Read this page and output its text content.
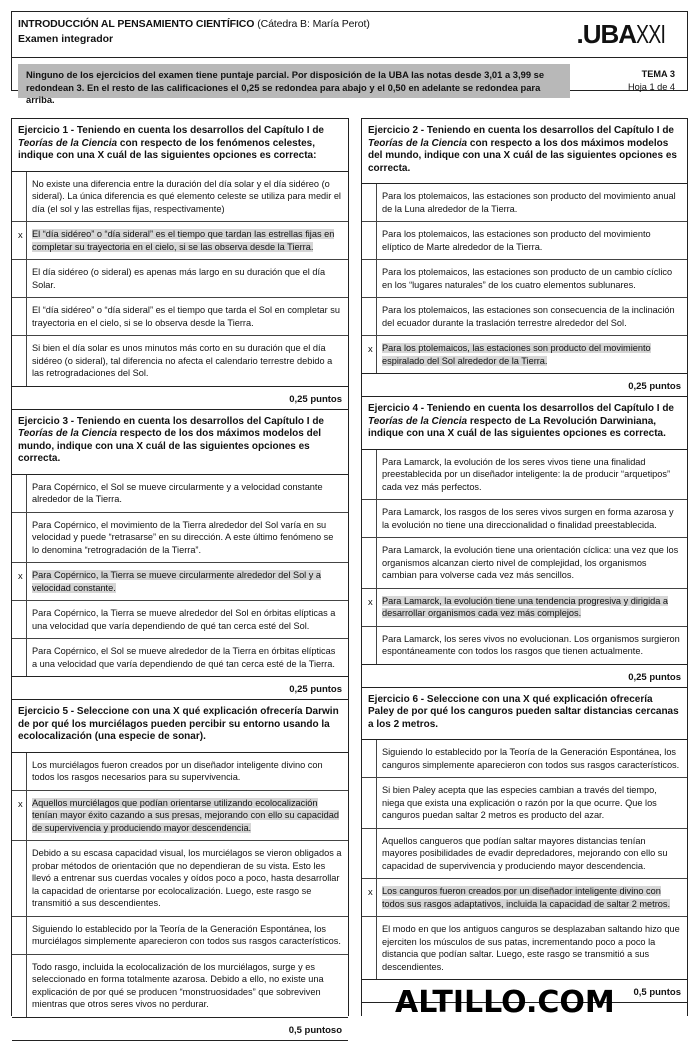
INTRODUCCIÓN AL PENSAMIENTO CIENTÍFICO (Cátedra B: María Perot)
Examen integrador	.UBAXXI
Ninguno de los ejercicios del examen tiene puntaje parcial. Por disposición de la UBA las notas desde 3,01 a 3,99 se
redondean 3. En el resto de las calificaciones el 0,25 se redondea para abajo y el 0,50 en adelante se redondea para arriba.
TEMA 3
Hoja 1 de 4
Ejercicio 1 - Teniendo en cuenta los desarrollos del Capítulo I de Teorías de la Ciencia con respecto de los fenómenos celestes, indique con una X cuál de las siguientes opciones es correcta:
No existe una diferencia entre la duración del día solar y el día sidéreo (o sideral). La única diferencia es qué elemento celeste se utiliza para medir el día (el sol y las estrellas fijas, respectivamente)
x El “día sidéreo” o “día sideral” es el tiempo que tardan las estrellas fijas en completar su trayectoria en el cielo, si se las observa desde la Tierra.
El día sidéreo (o sideral) es apenas más largo en su duración que el día Solar.
El “día sidéreo” o “día sideral” es el tiempo que tarda el Sol en completar su trayectoria en el cielo, si se lo observa desde la Tierra.
Si bien el día solar es unos minutos más corto en su duración que el día sidéreo (o sideral), tal diferencia no afecta el calendario terrestre debido a las retrogradaciones del Sol.
0,25 puntos
Ejercicio 3 - Teniendo en cuenta los desarrollos del Capítulo I de Teorías de la Ciencia respecto de los dos máximos modelos del mundo, indique con una X cuál de las siguientes opciones es correcta.
Para Copérnico, el Sol se mueve circularmente y a velocidad constante alrededor de la Tierra.
Para Copérnico, el movimiento de la Tierra alrededor del Sol varía en su velocidad y puede “retrasarse” en su dirección. A este último fenómeno se lo denomina “retrogradación de la Tierra”.
x Para Copérnico, la Tierra se mueve circularmente alrededor del Sol y a velocidad constante.
Para Copérnico, la Tierra se mueve alrededor del Sol en órbitas elípticas a una velocidad que varía dependiendo de qué tan cerca esté del Sol.
Para Copérnico, el Sol se mueve alrededor de la Tierra en órbitas elípticas a una velocidad que varía dependiendo de qué tan cerca esté de la Tierra.
0,25 puntos
Ejercicio 5 - Seleccione con una X qué explicación ofrecería Darwin de por qué los murciélagos pueden percibir su entorno usando la ecolocalización (una especie de sonar).
Los murciélagos fueron creados por un diseñador inteligente divino con todos los rasgos necesarios para su supervivencia.
x Aquellos murciélagos que podían orientarse utilizando ecolocalización tenían mayor éxito cazando a sus presas, mejorando con ello su capacidad de supervivencia y produciendo mayor descendencia.
Debido a su escasa capacidad visual, los murciélagos se vieron obligados a probar métodos de orientación que no dependieran de su vista. Esto les llevó a entrenar sus cuerdas vocales y oídos poco a poco, hasta desarrollar la capacidad de orientarse por ecolocalización. Luego, este rasgo se transmitió a sus descendientes.
Siguiendo lo establecido por la Teoría de la Generación Espontánea, los murciélagos simplemente aparecieron con todos sus rasgos característicos.
Todo rasgo, incluida la ecolocalización de los murciélagos, surge y es seleccionado en forma totalmente azarosa. Debido a ello, no existe una explicación de por qué se producen “monstruosidades” que sobreviven mientras que otros seres vivos no perdurar.
0,5 puntoso
Ejercicio 2 - Teniendo en cuenta los desarrollos del Capítulo I de Teorías de la Ciencia con respecto a los dos máximos modelos del mundo, indique con una X cuál de las siguientes opciones es correcta.
Para los ptolemaicos, las estaciones son producto del movimiento anual de la Luna alrededor de la Tierra.
Para los ptolemaicos, las estaciones son producto del movimiento elíptico de Marte alrededor de la Tierra.
Para los ptolemaicos, las estaciones son producto de un cambio cíclico en los “lugares naturales” de los cuatro elementos sublunares.
Para los ptolemaicos, las estaciones son consecuencia de la inclinación del ecuador durante la traslación terrestre alrededor del Sol.
x Para los ptolemaicos, las estaciones son producto del movimiento espiralado del Sol alrededor de la Tierra.
0,25 puntos
Ejercicio 4 - Teniendo en cuenta los desarrollos del Capítulo I de Teorías de la Ciencia respecto de La Revolución Darwiniana, indique con una X cuál de las siguientes opciones es correcta.
Para Lamarck, la evolución de los seres vivos tiene una finalidad preestablecida por un diseñador inteligente: la de producir “arquetipos” cada vez más perfectos.
Para Lamarck, los rasgos de los seres vivos surgen en forma azarosa y la evolución no tiene una direccionalidad o finalidad preestablecida.
Para Lamarck, la evolución tiene una orientación cíclica: una vez que los organismos alcanzan cierto nivel de complejidad, los organismos cambian para volverse cada vez más sencillos.
x Para Lamarck, la evolución tiene una tendencia progresiva y dirigida a desarrollar organismos cada vez más complejos.
Para Lamarck, los seres vivos no evolucionan. Los organismos surgieron espontáneamente con todos los rasgos que tienen actualmente.
0,25 puntos
Ejercicio 6 - Seleccione con una X qué explicación ofrecería Paley de por qué los canguros pueden saltar distancias cercanas a los 2 metros.
Siguiendo lo establecido por la Teoría de la Generación Espontánea, los canguros simplemente aparecieron con todos sus rasgos característicos.
Si bien Paley acepta que las especies cambian a través del tiempo, niega que exista una explicación o razón por la que ocurre. Que los canguros puedan saltar 2 metros es producto del azar.
Aquellos cangueros que podían saltar mayores distancias tenían mayores posibilidades de evadir depredadores, mejorando con ello su capacidad de supervivencia y produciendo mayor descendencia.
x Los canguros fueron creados por un diseñador inteligente divino con todos sus rasgos adaptativos, incluida la capacidad de saltar 2 metros.
El modo en que los antiguos canguros se desplazaban saltando hizo que ejerciten los músculos de sus patas, incrementando poco a poco la distancia que podían saltar. Luego, este rasgo se transmitió a sus descendientes.
0,5 puntos
ALTILLO.COM
